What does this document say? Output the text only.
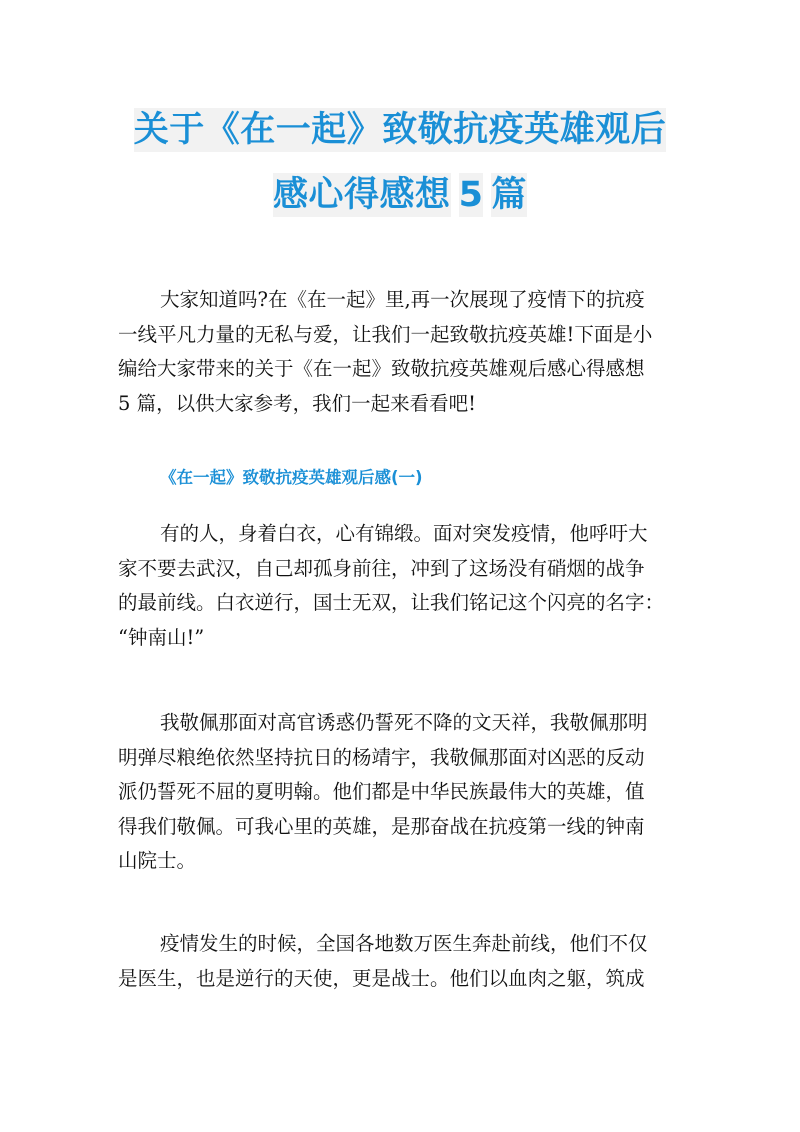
关于《在一起》致敬抗疫英雄观后
感心得感想 5 篇
大家知道吗?在《在一起》里,再一次展现了疫情下的抗疫
一线平凡力量的无私与爱，让我们一起致敬抗疫英雄!下面是小
编给大家带来的关于《在一起》致敬抗疫英雄观后感心得感想
5 篇，以供大家参考，我们一起来看看吧!
《在一起》致敬抗疫英雄观后感(一)
有的人，身着白衣，心有锦缎。面对突发疫情，他呼吁大
家不要去武汉，自己却孤身前往，冲到了这场没有硝烟的战争
的最前线。白衣逆行，国士无双，让我们铭记这个闪亮的名字：
“钟南山!”
我敬佩那面对高官诱惑仍誓死不降的文天祥，我敬佩那明
明弹尽粮绝依然坚持抗日的杨靖宇，我敬佩那面对凶恶的反动
派仍誓死不屈的夏明翰。他们都是中华民族最伟大的英雄，值
得我们敬佩。可我心里的英雄，是那奋战在抗疫第一线的钟南
山院士。
疫情发生的时候，全国各地数万医生奔赴前线，他们不仅
是医生，也是逆行的天使，更是战士。他们以血肉之躯，筑成
